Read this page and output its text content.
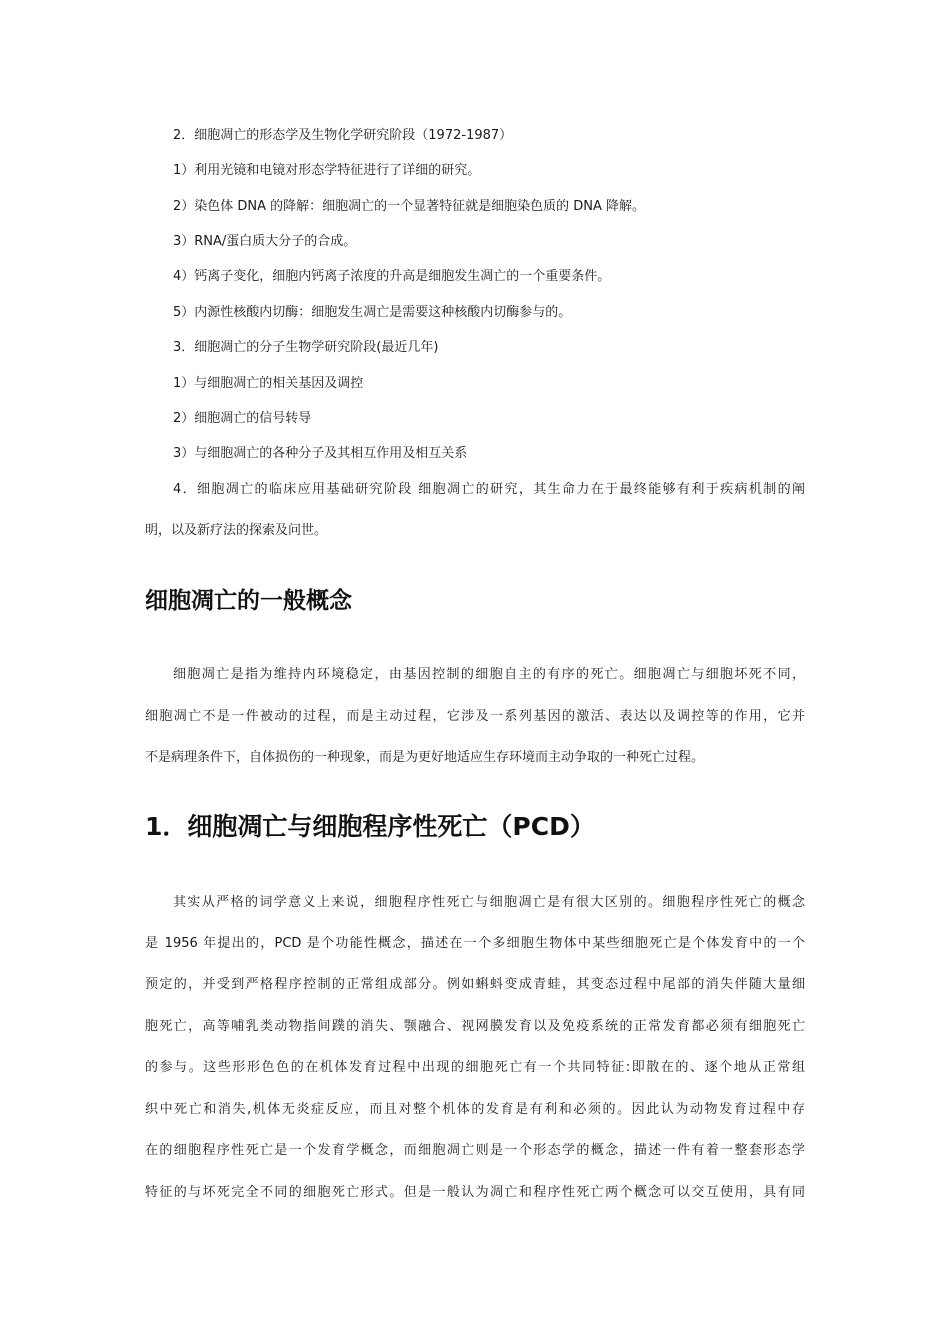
2．细胞凋亡的形态学及生物化学研究阶段（1972-1987）
1）利用光镜和电镜对形态学特征进行了详细的研究。
2）染色体 DNA 的降解：细胞凋亡的一个显著特征就是细胞染色质的 DNA 降解。
3）RNA/蛋白质大分子的合成。
4）钙离子变化，细胞内钙离子浓度的升高是细胞发生凋亡的一个重要条件。
5）内源性核酸内切酶：细胞发生凋亡是需要这种核酸内切酶参与的。
3．细胞凋亡的分子生物学研究阶段(最近几年)
1）与细胞凋亡的相关基因及调控
2）细胞凋亡的信号转导
3）与细胞凋亡的各种分子及其相互作用及相互关系
4．细胞凋亡的临床应用基础研究阶段 细胞凋亡的研究，其生命力在于最终能够有利于疾病机制的阐
明，以及新疗法的探索及问世。
细胞凋亡的一般概念
细胞凋亡是指为维持内环境稳定，由基因控制的细胞自主的有序的死亡。细胞凋亡与细胞坏死不同，
细胞凋亡不是一件被动的过程，而是主动过程，它涉及一系列基因的激活、表达以及调控等的作用，它并
不是病理条件下，自体损伤的一种现象，而是为更好地适应生存环境而主动争取的一种死亡过程。
1．细胞凋亡与细胞程序性死亡（PCD）
其实从严格的词学意义上来说，细胞程序性死亡与细胞凋亡是有很大区别的。细胞程序性死亡的概念
是 1956 年提出的，PCD 是个功能性概念，描述在一个多细胞生物体中某些细胞死亡是个体发育中的一个
预定的，并受到严格程序控制的正常组成部分。例如蝌蚪变成青蛙，其变态过程中尾部的消失伴随大量细
胞死亡，高等哺乳类动物指间蹼的消失、颚融合、视网膜发育以及免疫系统的正常发育都必须有细胞死亡
的参与。这些形形色色的在机体发育过程中出现的细胞死亡有一个共同特征:即散在的、逐个地从正常组
织中死亡和消失,机体无炎症反应，而且对整个机体的发育是有利和必须的。因此认为动物发育过程中存
在的细胞程序性死亡是一个发育学概念，而细胞凋亡则是一个形态学的概念，描述一件有着一整套形态学
特征的与坏死完全不同的细胞死亡形式。但是一般认为凋亡和程序性死亡两个概念可以交互使用，具有同
